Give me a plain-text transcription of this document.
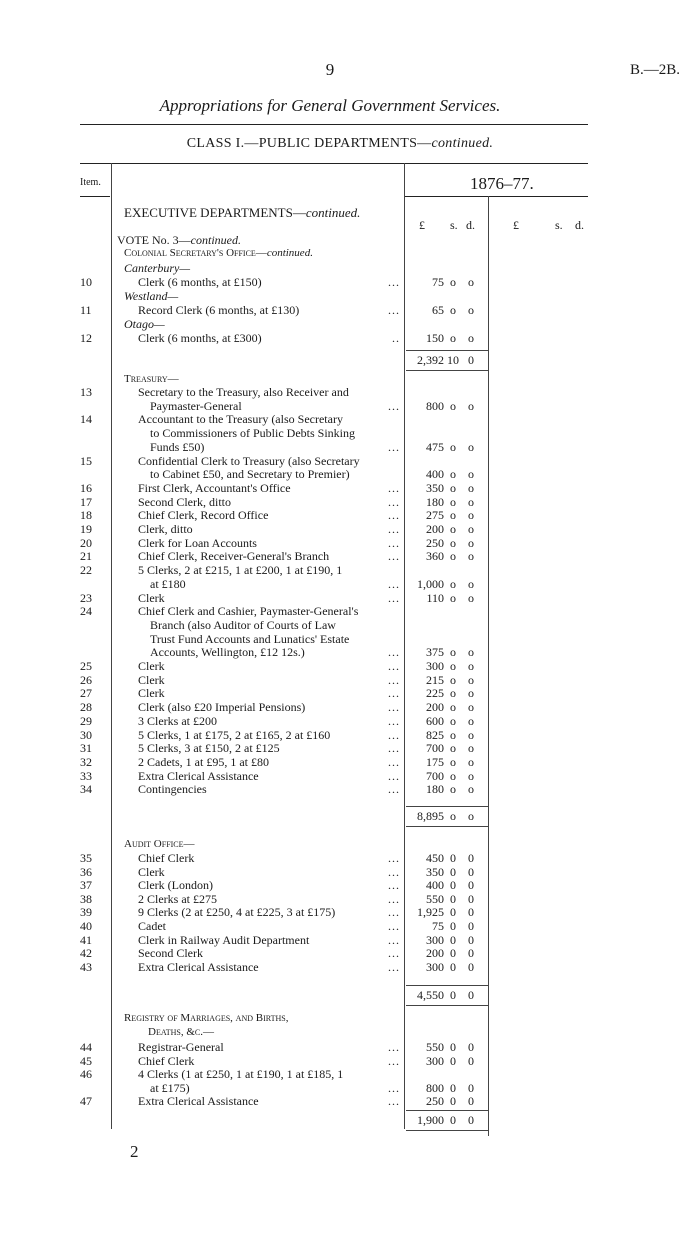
9	B.—2B.
Appropriations for General Government Services.
CLASS I.—PUBLIC DEPARTMENTS—continued.
Item.	1876–77.
£ s. d.	£	s. d.
EXECUTIVE DEPARTMENTS—continued.
VOTE No. 3—continued.
Colonial Secretary's Office—continued.
Canterbury—
10	Clerk (6 months, at £150)	...	75 o	o
Westland—
11	Record Clerk (6 months, at £130)	...	65 o	o
Otago—
12	Clerk (6 months, at £300)	..	150 o	o
2,392 10 0
Treasury—
13	Secretary to the Treasury, also Receiver and
Paymaster-General	...	800 o	o
14	Accountant to the Treasury (also Secretary
to Commissioners of Public Debts Sinking
Funds £50)	...	475 o	o
15	Confidential Clerk to Treasury (also Secretary
to Cabinet £50, and Secretary to Premier)	400 o	o
16	First Clerk, Accountant's Office	...	350 o	o
17	Second Clerk, ditto	...	180 o	o
18	Chief Clerk, Record Office	...	275 o	o
19	Clerk, ditto	...	200 o	o
20	Clerk for Loan Accounts	...	250 o	o
21	Chief Clerk, Receiver-General's Branch	...	360 o	o
22	5 Clerks, 2 at £215, 1 at £200, 1 at £190, 1
at £180	...	1,000 o	o
23	Clerk	...	110 o	o
24	Chief Clerk and Cashier, Paymaster-General's
Branch (also Auditor of Courts of Law
Trust Fund Accounts and Lunatics' Estate
Accounts, Wellington, £12 12s.)	...	375 o	o
25	Clerk	...	300 o	o
26	Clerk	...	215 o	o
27	Clerk	...	225 o	o
28	Clerk (also £20 Imperial Pensions)	...	200 o	o
29	3 Clerks at £200	...	600 o	o
30	5 Clerks, 1 at £175, 2 at £165, 2 at £160	...	825 o	o
31	5 Clerks, 3 at £150, 2 at £125	...	700 o	o
32	2 Cadets, 1 at £95, 1 at £80	...	175 o	o
33	Extra Clerical Assistance	...	700 o	o
34	Contingencies	...	180 o	o
8,895 o	o
Audit Office—
35	Chief Clerk	...	450 0	0
36	Clerk	...	350 0	0
37	Clerk (London)	...	400 0	0
38	2 Clerks at £275	...	550 0	0
39	9 Clerks (2 at £250, 4 at £225, 3 at £175)	...	1,925 0	0
40	Cadet	...	75 0	0
41	Clerk in Railway Audit Department	...	300 0	0
42	Second Clerk	...	200 0	0
43	Extra Clerical Assistance	...	300 0	0
4,550 0	0
Registry of Marriages, and Births,
Deaths, &c.—
44	Registrar-General	...	550 0	0
45	Chief Clerk	...	300 0	0
46	4 Clerks (1 at £250, 1 at £190, 1 at £185, 1
at £175)	...	800 0	0
47	Extra Clerical Assistance	...	250 0	0
1,900 0	0
2
